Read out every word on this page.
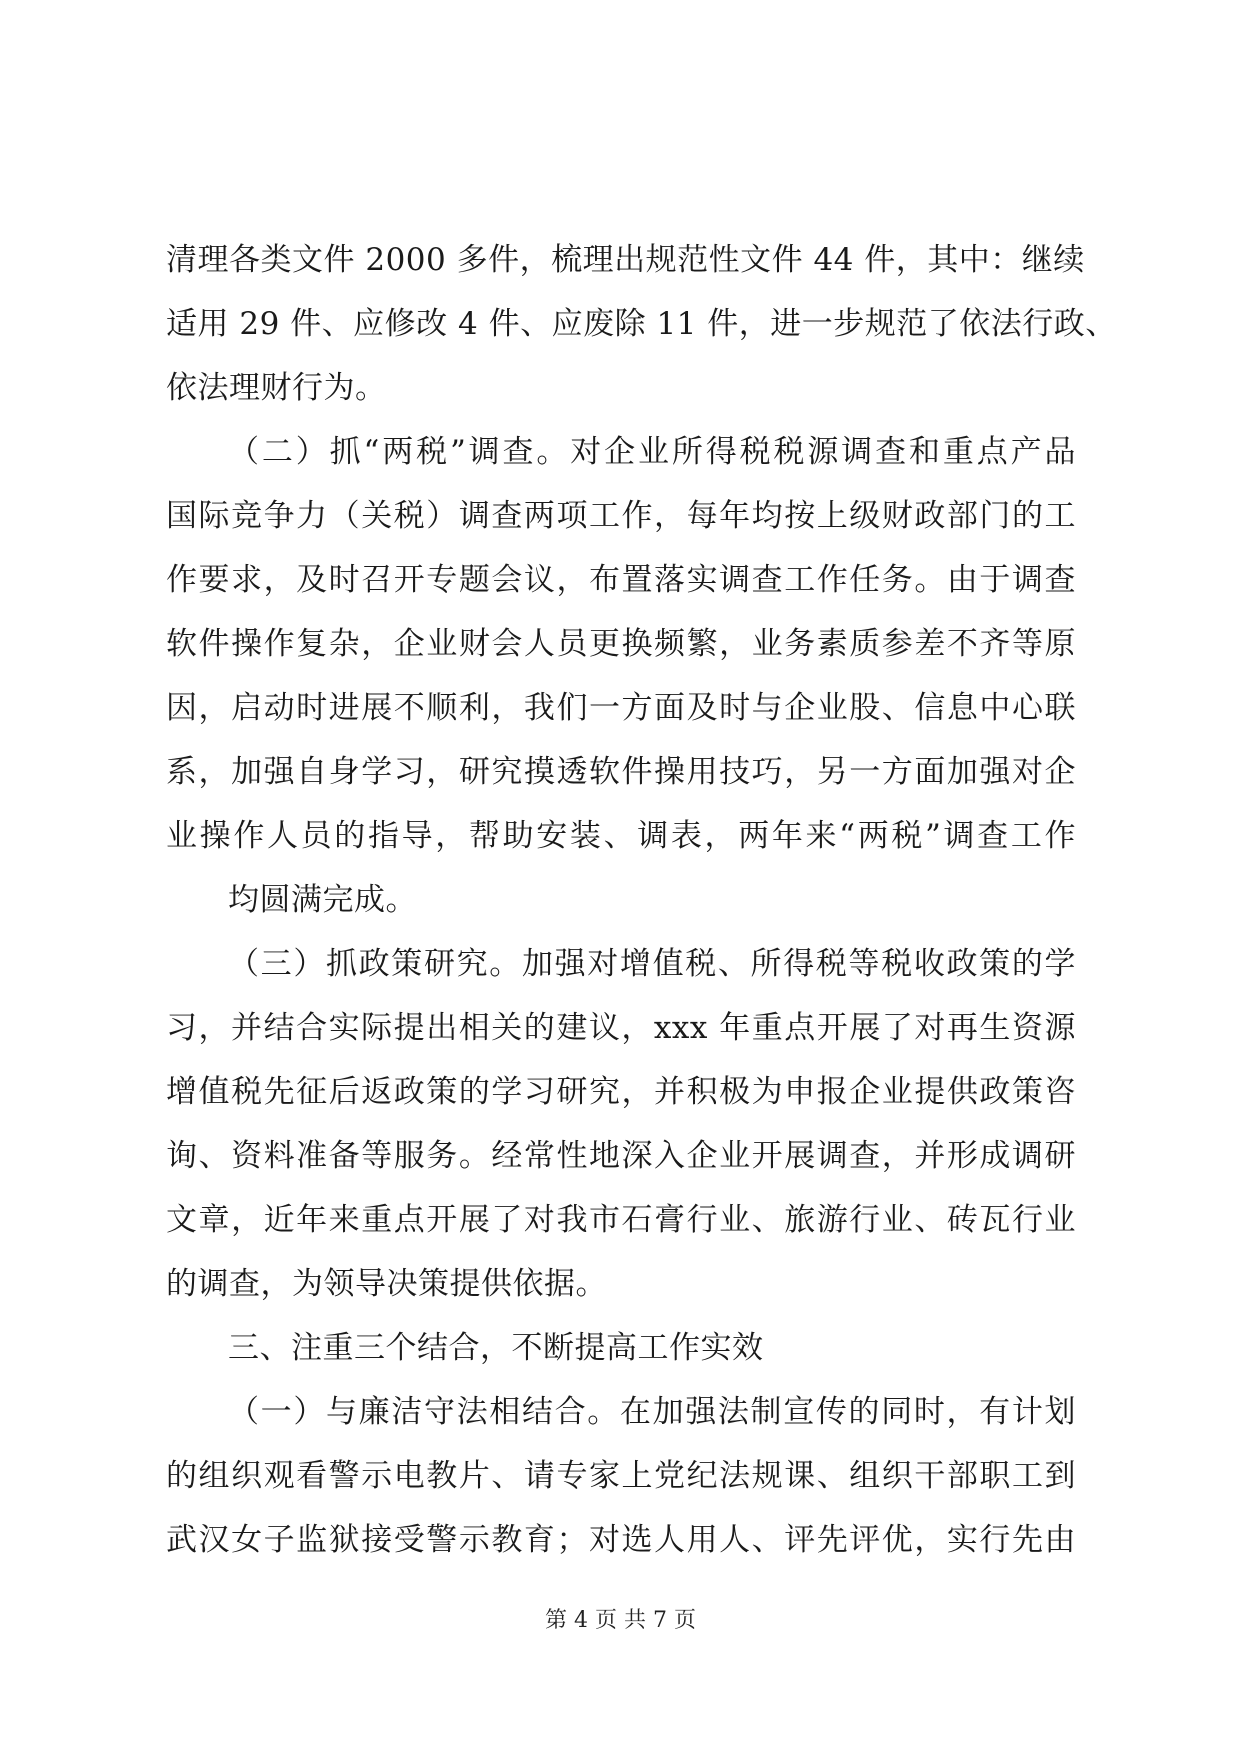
清理各类文件 2000 多件，梳理出规范性文件 44 件，其中：继续
适用 29 件、应修改 4 件、应废除 11 件，进一步规范了依法行政、
依法理财行为。
（二）抓“两税”调查。对企业所得税税源调查和重点产品
国际竞争力（关税）调查两项工作，每年均按上级财政部门的工
作要求，及时召开专题会议，布置落实调查工作任务。由于调查
软件操作复杂，企业财会人员更换频繁，业务素质参差不齐等原
因，启动时进展不顺利，我们一方面及时与企业股、信息中心联
系，加强自身学习，研究摸透软件操用技巧，另一方面加强对企
业操作人员的指导，帮助安装、调表，两年来“两税”调查工作
均圆满完成。
（三）抓政策研究。加强对增值税、所得税等税收政策的学
习，并结合实际提出相关的建议，xxx 年重点开展了对再生资源
增值税先征后返政策的学习研究，并积极为申报企业提供政策咨
询、资料准备等服务。经常性地深入企业开展调查，并形成调研
文章，近年来重点开展了对我市石膏行业、旅游行业、砖瓦行业
的调查，为领导决策提供依据。
三、注重三个结合，不断提高工作实效
（一）与廉洁守法相结合。在加强法制宣传的同时，有计划
的组织观看警示电教片、请专家上党纪法规课、组织干部职工到
武汉女子监狱接受警示教育；对选人用人、评先评优，实行先由
第 4 页 共 7 页
